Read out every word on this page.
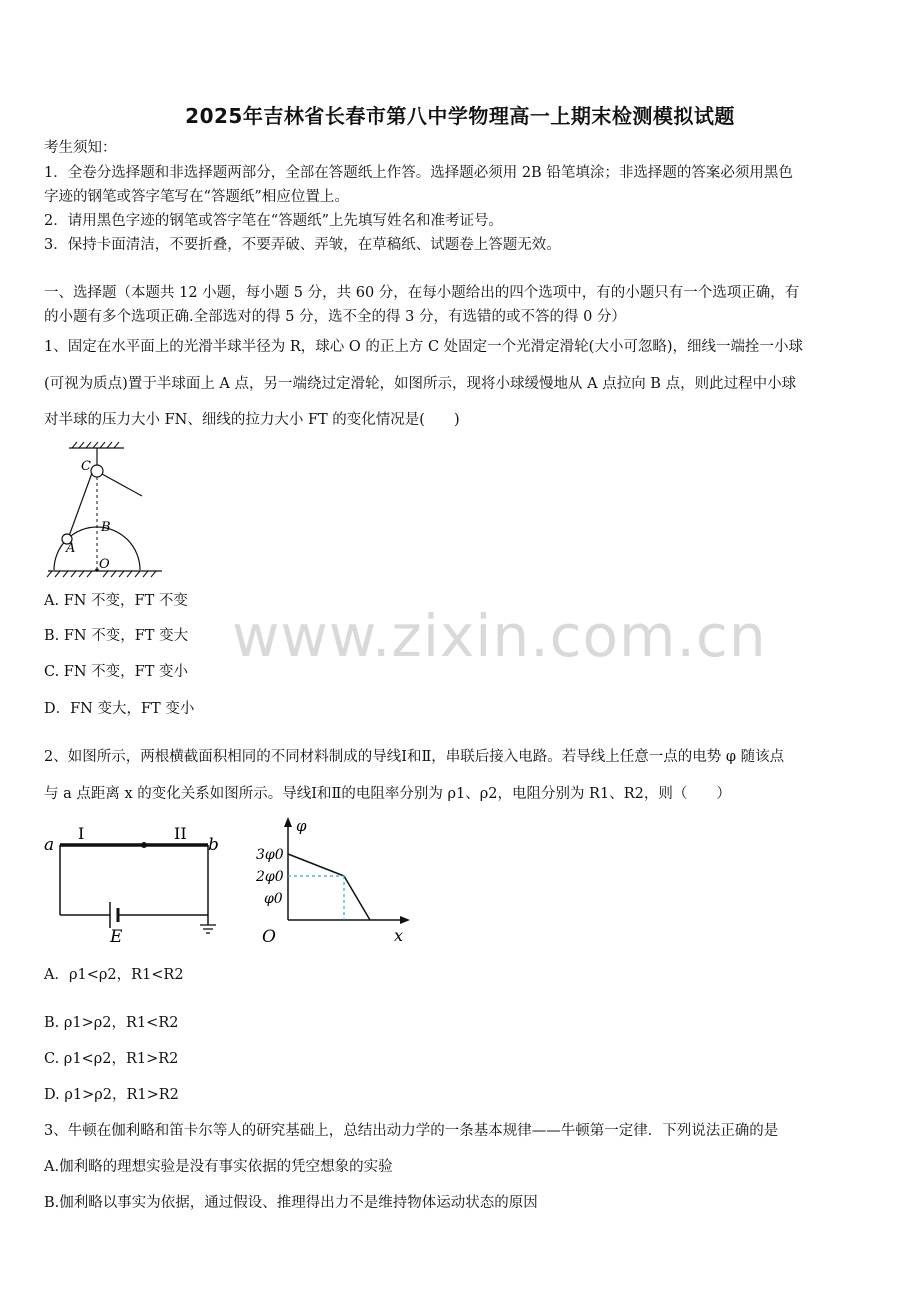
2025年吉林省长春市第八中学物理高一上期末检测模拟试题
考生须知：
1．全卷分选择题和非选择题两部分，全部在答题纸上作答。选择题必须用 2B 铅笔填涂；非选择题的答案必须用黑色
字迹的钢笔或答字笔写在“答题纸”相应位置上。
2．请用黑色字迹的钢笔或答字笔在“答题纸”上先填写姓名和准考证号。
3．保持卡面清洁，不要折叠，不要弄破、弄皱，在草稿纸、试题卷上答题无效。
一、选择题（本题共 12 小题，每小题 5 分，共 60 分，在每小题给出的四个选项中，有的小题只有一个选项正确，有
的小题有多个选项正确.全部选对的得 5 分，选不全的得 3 分，有选错的或不答的得 0 分）
1、固定在水平面上的光滑半球半径为 R，球心 O 的正上方 C 处固定一个光滑定滑轮(大小可忽略)，细线一端拴一小球
(可视为质点)置于半球面上 A 点，另一端绕过定滑轮，如图所示，现将小球缓慢地从 A 点拉向 B 点，则此过程中小球
对半球的压力大小 FN、细线的拉力大小 FT 的变化情况是(　　)
C
B
A
O
A. FN 不变，FT 不变
B. FN 不变，FT 变大
C. FN 不变，FT 变小
D．FN 变大，FT 变小
www.zixin.com.cn
2、如图所示，两根横截面积相同的不同材料制成的导线Ⅰ和Ⅱ，串联后接入电路。若导线上任意一点的电势 φ 随该点
与 a 点距离 x 的变化关系如图所示。导线Ⅰ和Ⅱ的电阻率分别为 ρ1、ρ2，电阻分别为 R1、R2，则（　　）
a	b
I	II
E
φ
x
O
3φ0
2φ0
φ0
A．ρ1<ρ2，R1<R2
B. ρ1>ρ2，R1<R2
C. ρ1<ρ2，R1>R2
D. ρ1>ρ2，R1>R2
3、牛顿在伽利略和笛卡尔等人的研究基础上，总结出动力学的一条基本规律——牛顿第一定律．下列说法正确的是
A.伽利略的理想实验是没有事实依据的凭空想象的实验
B.伽利略以事实为依据，通过假设、推理得出力不是维持物体运动状态的原因
